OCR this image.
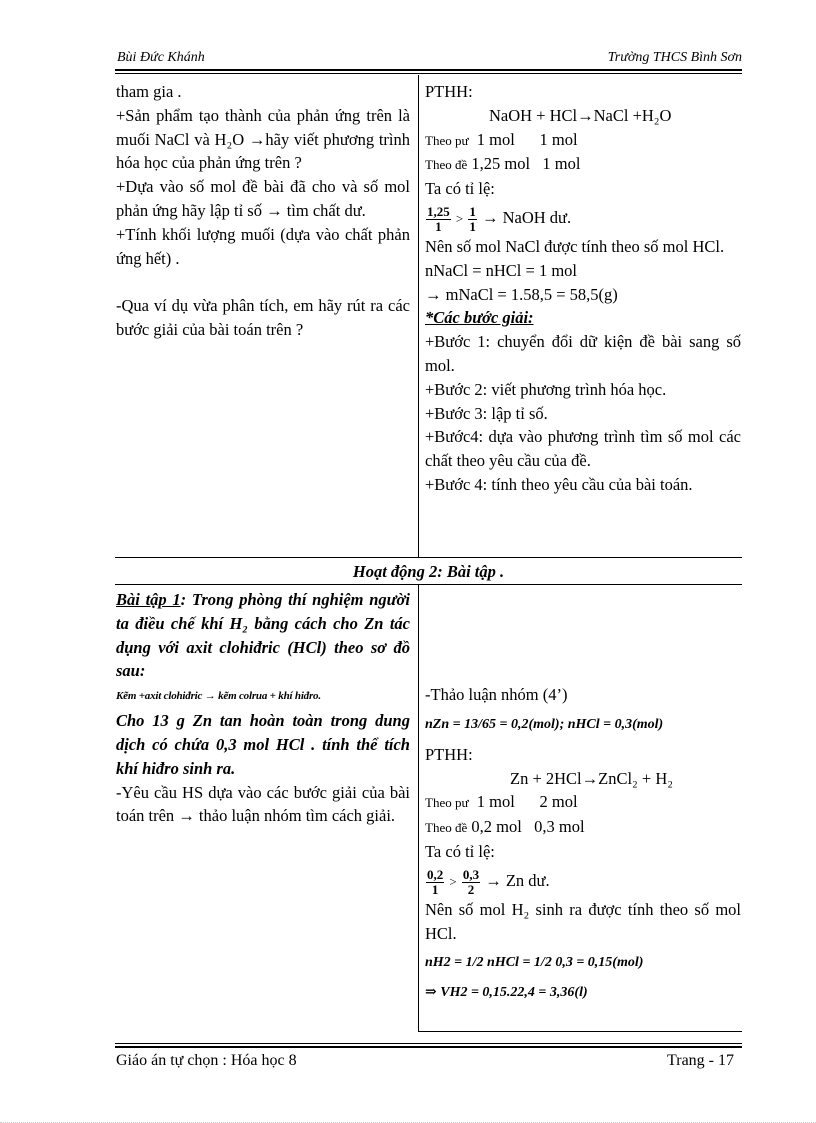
Bùi Đức Khánh	Trường THCS Bình Sơn

tham gia .

+Sản phẩm tạo thành của phản ứng trên là muối NaCl và H₂O →hãy viết phương trình hóa học của phản ứng trên ?

+Dựa vào số mol đề bài đã cho và số mol phản ứng hãy lập tỉ số → tìm chất dư.

+Tính khối lượng muối (dựa vào chất phản ứng hết) .

-Qua ví dụ vừa phân tích, em hãy rút ra các bước giải của bài toán trên ?

PTHH:

NaOH + HCl→NaCl +H₂O

Theo pư 1 mol      1 mol

Theo đề 1,25 mol   1 mol

Ta có tỉ lệ:

$\frac{1,25}{1} > \frac{1}{1}$ → NaOH dư.

Nên số mol NaCl được tính theo số mol HCl.

nNaCl = nHCl = 1 mol

→ mNaCl = 1.58,5 = 58,5(g)

*Các bước giải:

+Bước 1: chuyển đổi dữ kiện đề bài sang số mol.

+Bước 2: viết phương trình hóa học.

+Bước 3: lập tỉ số.

+Bước4: dựa vào phương trình tìm số mol các chất theo yêu cầu của đề.

+Bước 4: tính theo yêu cầu của bài toán.

Hoạt động 2: Bài tập .

Bài tập 1: Trong phòng thí nghiệm người ta điều chế khí H₂ bằng cách cho Zn tác dụng với axit clohiđric (HCl) theo sơ đồ sau:

Kẽm +axit clohiđric → kẽm colrua + khí hiđro.

Cho 13 g Zn tan hoàn toàn trong dung dịch có chứa 0,3 mol HCl . tính thể tích khí hiđro sinh ra.

-Yêu cầu HS dựa vào các bước giải của bài toán trên → thảo luận nhóm tìm cách giải.

-Thảo luận nhóm (4’)

nZn = 13/65 = 0,2(mol); nHCl = 0,3(mol)

PTHH:

Zn + 2HCl→ZnCl₂ + H₂

Theo pư 1 mol      2 mol

Theo đề 0,2 mol   0,3 mol

Ta có tỉ lệ:

$\frac{0,2}{1} > \frac{0,3}{2} \to Zn$ dư.

Nên số mol H₂ sinh ra được tính theo số mol HCl.

nH2 = 1/2 nHCl = 1/2 0,3 = 0,15(mol)

⇒ VH2 = 0,15.22,4 = 3,36(l)

Giáo án tự chọn : Hóa học 8	Trang - 17
